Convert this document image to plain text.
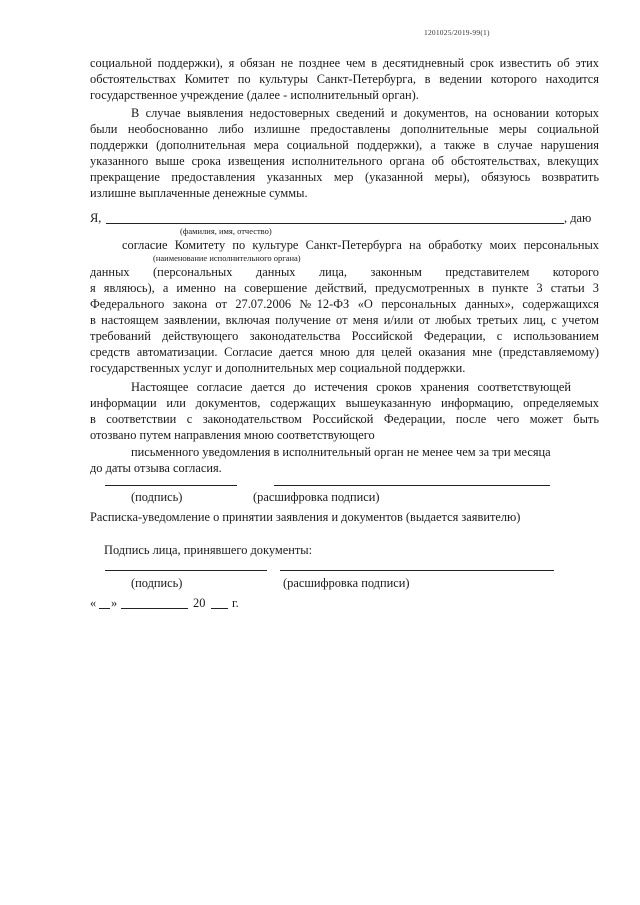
1201025/2019-99(1)
социальной поддержки), я обязан не позднее чем в десятидневный срок известить об этих
обстоятельствах Комитет по культуры Санкт-Петербурга, в ведении которого находится
государственное учреждение (далее - исполнительный орган).
В случае выявления недостоверных сведений и документов, на основании которых
были необоснованно либо излишне предоставлены дополнительные меры социальной
поддержки (дополнительная мера социальной поддержки), а также в случае нарушения
указанного выше срока извещения исполнительного органа об обстоятельствах, влекущих
прекращение предоставления указанных мер (указанной меры), обязуюсь возвратить
излишне выплаченные денежные суммы.
Я,	, даю
(фамилия, имя, отчество)
согласие Комитету по культуре Санкт-Петербурга на обработку моих персональных
(наименование исполнительного органа)
данных (персональных данных лица, законным представителем которого
я являюсь), а именно на совершение действий, предусмотренных в пункте 3 статьи 3
Федерального закона от 27.07.2006 №12-ФЗ «О персональных данных», содержащихся
в настоящем заявлении, включая получение от меня и/или от любых третьих лиц, с учетом
требований действующего законодательства Российской Федерации, с использованием
средств автоматизации. Согласие дается мною для целей оказания мне (представляемому)
государственных услуг и дополнительных мер социальной поддержки.
Настоящее согласие дается до истечения сроков хранения соответствующей
информации или документов, содержащих вышеуказанную информацию, определяемых
в соответствии с законодательством Российской Федерации, после чего может быть
отозвано путем направления мною соответствующего
письменного уведомления в исполнительный орган не менее чем за три месяца
до даты отзыва согласия.
(подпись)	(расшифровка подписи)
Расписка-уведомление о принятии заявления и документов (выдается заявителю)
Подпись лица, принявшего документы:
(подпись)	(расшифровка подписи)
« »	20 г.
